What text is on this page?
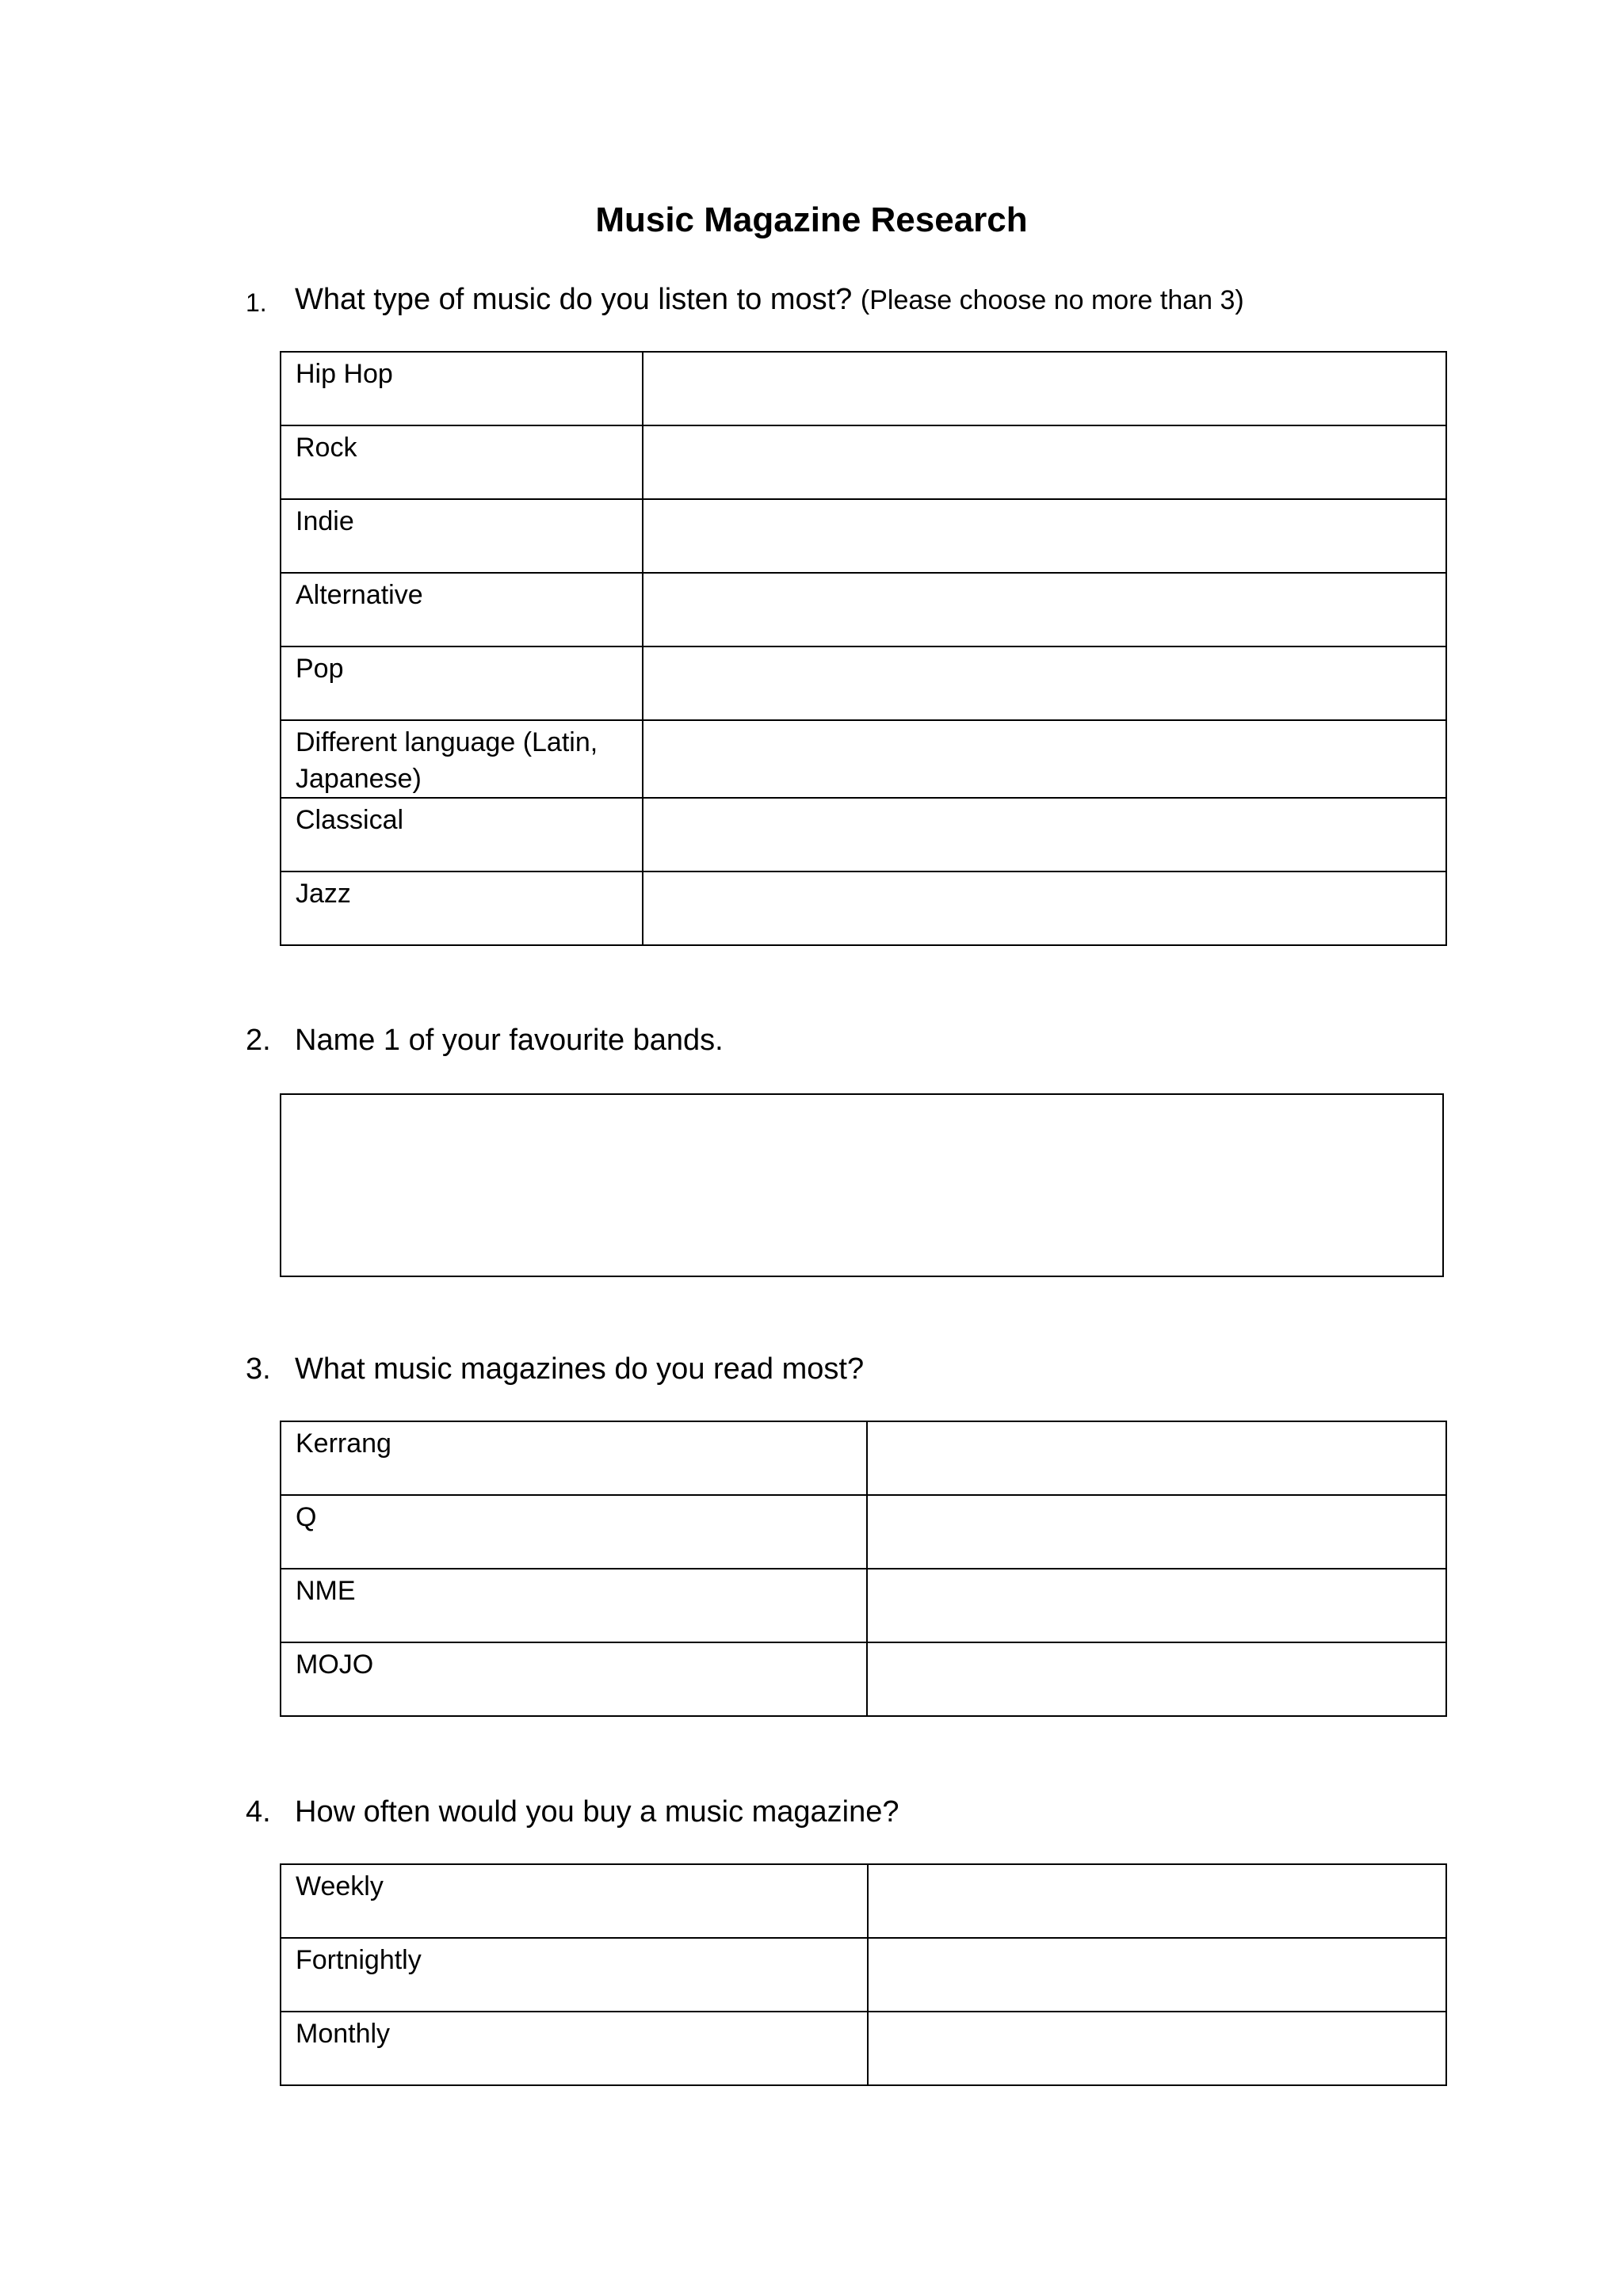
Music Magazine Research
1. What type of music do you listen to most? (Please choose no more than 3)
Hip Hop	

Rock	

Indie	

Alternative	

Pop	

Different language (Latin, Japanese)	

Classical	

Jazz	

2. Name 1 of your favourite bands.
3. What music magazines do you read most?
Kerrang	

Q	

NME	

MOJO	

4. How often would you buy a music magazine?
Weekly	

Fortnightly	

Monthly	
